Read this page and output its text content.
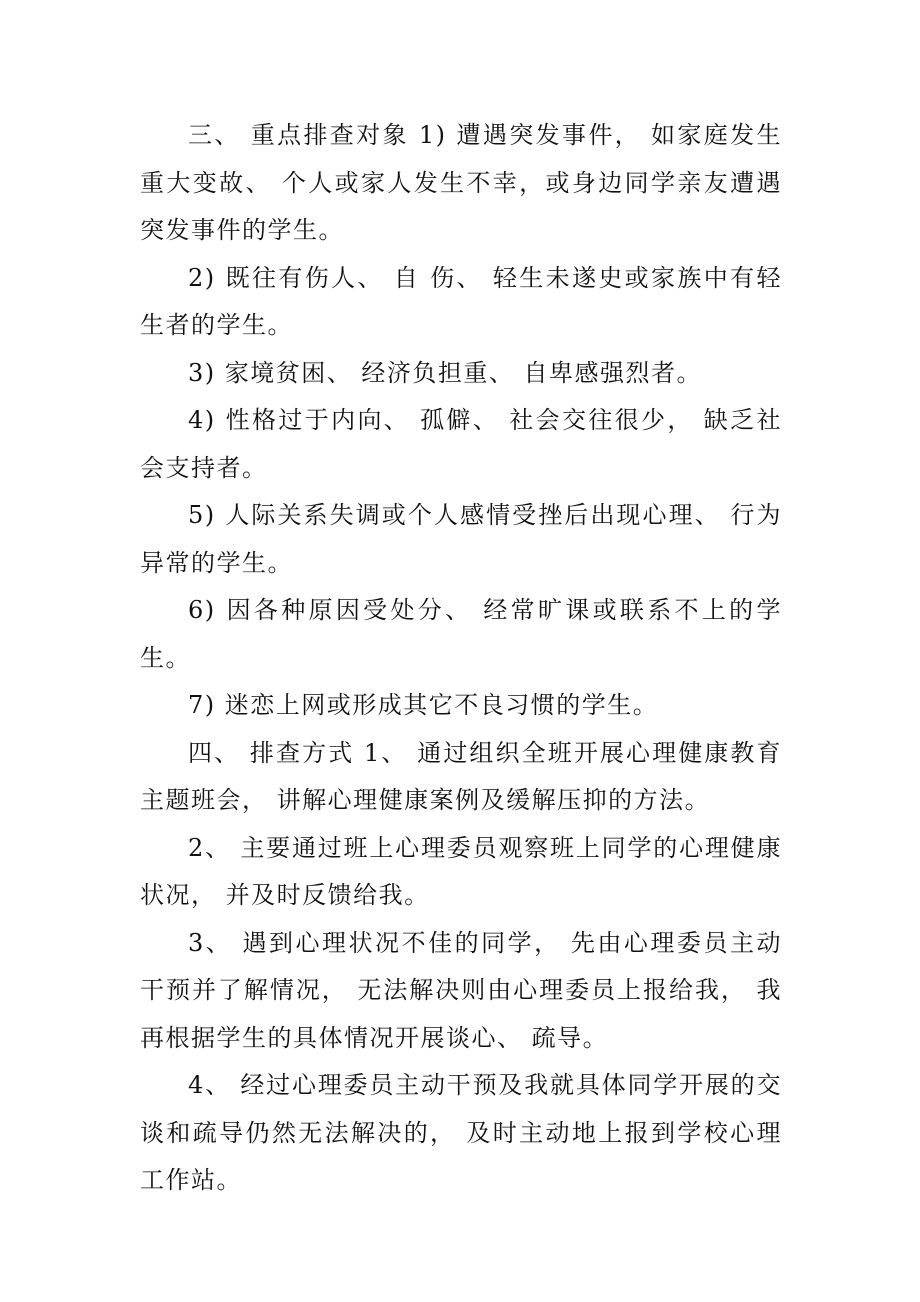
三、 重点排查对象 1) 遭遇突发事件， 如家庭发生重大变故、 个人或家人发生不幸，或身边同学亲友遭遇突发事件的学生。

2) 既往有伤人、 自 伤、 轻生未遂史或家族中有轻生者的学生。

3) 家境贫困、 经济负担重、 自卑感强烈者。

4) 性格过于内向、 孤僻、 社会交往很少， 缺乏社会支持者。

5) 人际关系失调或个人感情受挫后出现心理、 行为异常的学生。

6) 因各种原因受处分、 经常旷课或联系不上的学生。

7) 迷恋上网或形成其它不良习惯的学生。

四、 排查方式 1、 通过组织全班开展心理健康教育主题班会， 讲解心理健康案例及缓解压抑的方法。

2、 主要通过班上心理委员观察班上同学的心理健康状况， 并及时反馈给我。

3、 遇到心理状况不佳的同学， 先由心理委员主动干预并了解情况， 无法解决则由心理委员上报给我， 我再根据学生的具体情况开展谈心、 疏导。

4、 经过心理委员主动干预及我就具体同学开展的交谈和疏导仍然无法解决的， 及时主动地上报到学校心理工作站。
